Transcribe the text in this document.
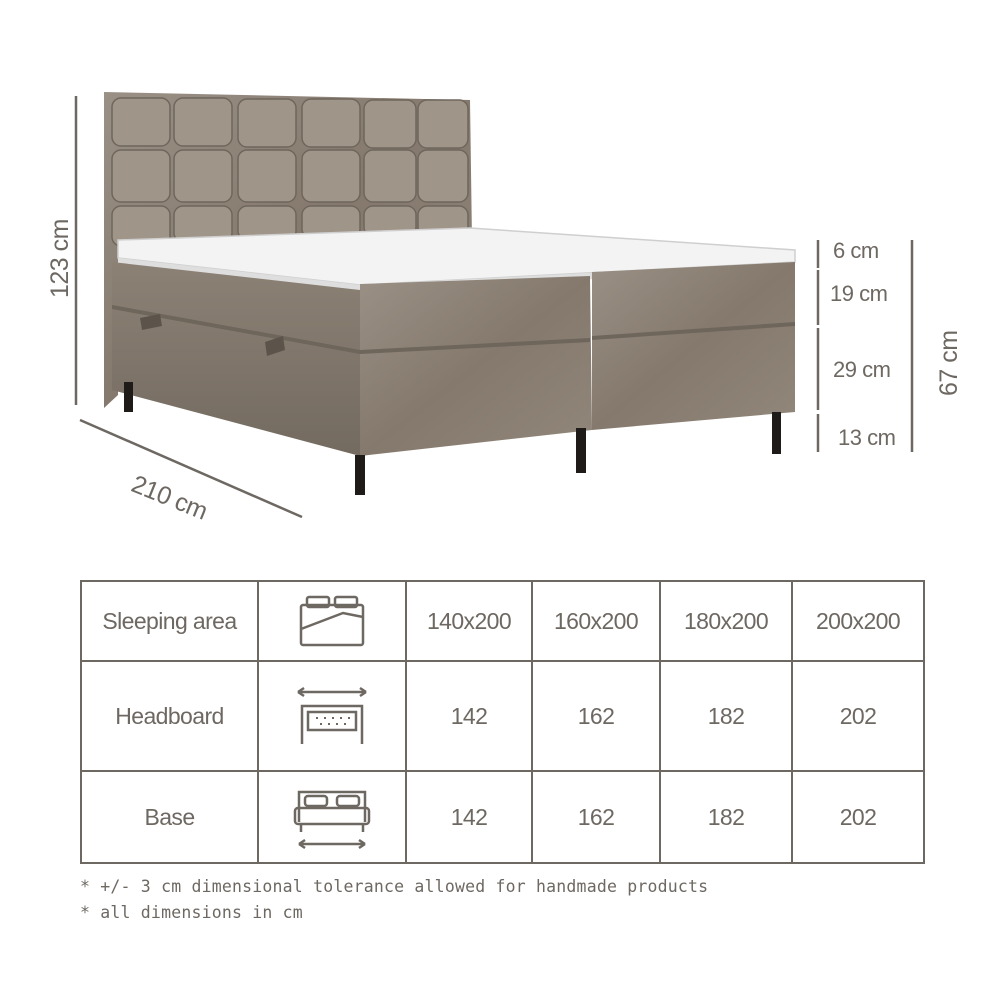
123 cm
210 cm
6 cm
19 cm
29 cm
13 cm
67 cm
Sleeping area		140x200	160x200	180x200	200x200
Headboard		142	162	182	202
Base		142	162	182	202
* +/- 3 cm dimensional tolerance allowed for handmade products * all dimensions in cm
